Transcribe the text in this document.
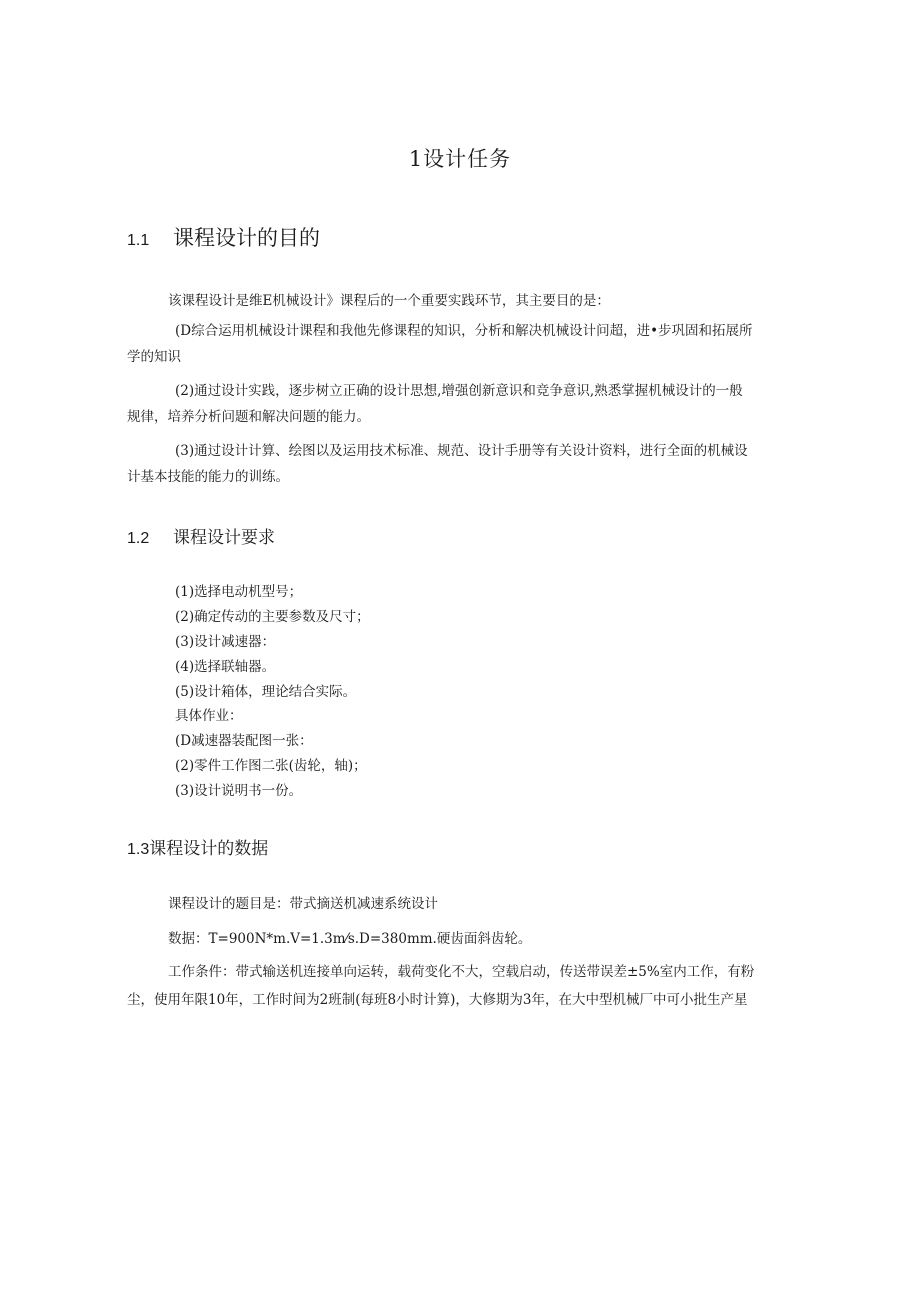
1设计任务
1.1 课程设计的目的

该课程设计是维E机械设计》课程后的一个重要实践环节，其主要目的是：

(D综合运用机械设计课程和我他先修课程的知识，分析和解决机械设计问超，进•步巩固和拓展所

学的知识

(2)通过设计实践，逐步树立正确的设计思想,增强创新意识和竞争意识,熟悉掌握机械设计的一般

规律，培养分析问题和解决问题的能力。

(3)通过设计计算、绘图以及运用技术标准、规范、设计手册等有关设计资料，进行全面的机械设

计基本技能的能力的训练。

1.2 课程设计要求

(1)选择电动机型号；

(2)确定传动的主要参数及尺寸；

(3)设计减速器：

(4)选择联轴器。

(5)设计箱体，理论结合实际。

具体作业：

(D减速器装配图一张：

(2)零件工作图二张(齿轮，轴)；

(3)设计说明书一份。

1.3课程设计的数据

课程设计的题目是：带式摘送机减速系统设计

数据：T=900N*m.V=1.3m⁄s.D=380mm.硬齿面斜齿轮。

工作条件：带式输送机连接单向运转，载荷变化不大，空载启动，传送带误差±5%室内工作，有粉

尘，使用年限10年，工作时间为2班制(每班8小时计算)，大修期为3年，在大中型机械厂中可小批生产星
